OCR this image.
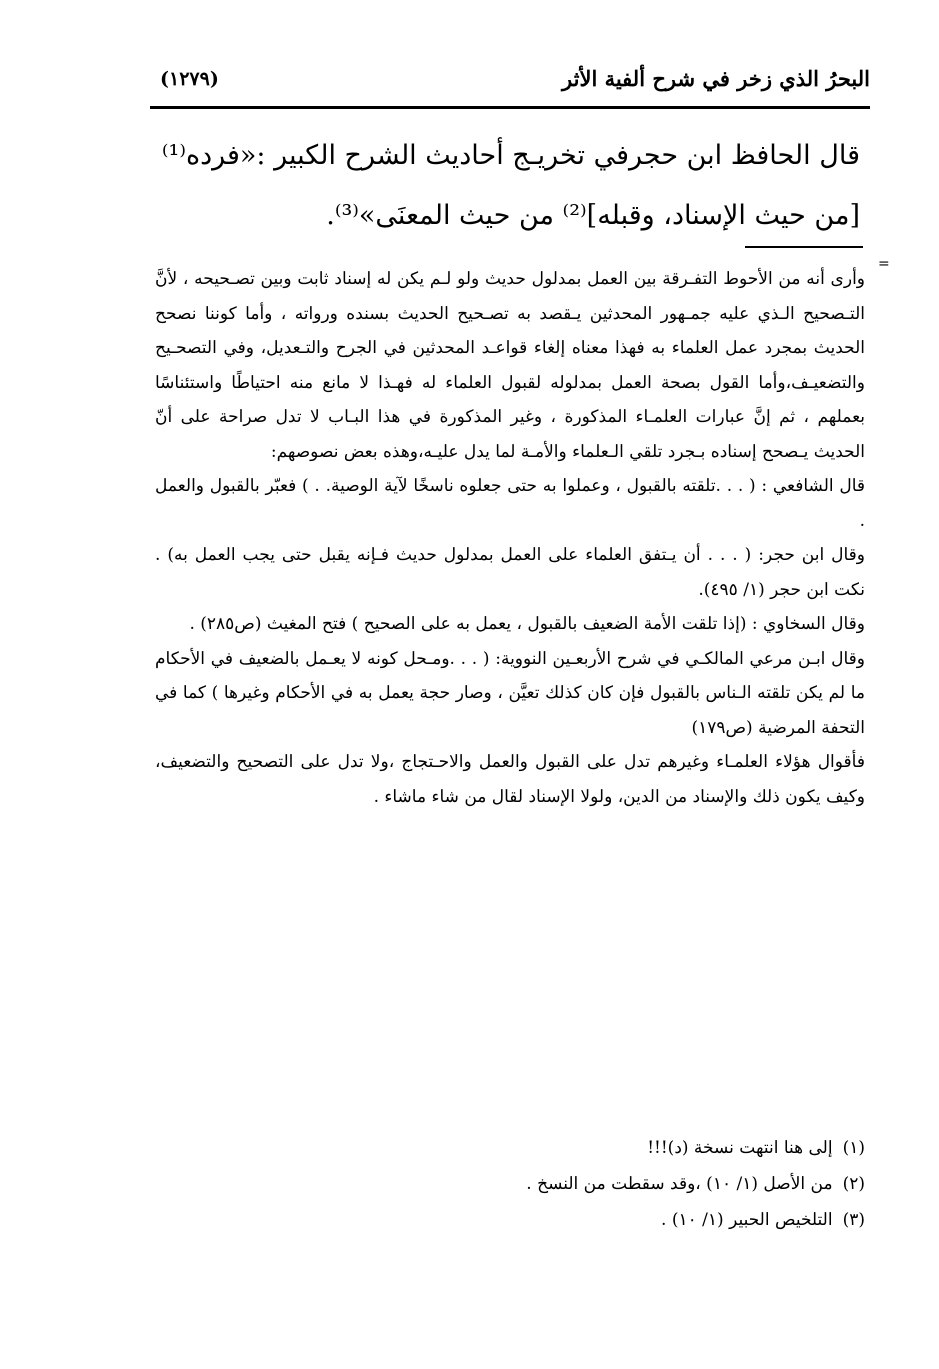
البحرُ الذي زخر في شرح ألفية الأثر
(١٢٧٩)

قال الحافظ ابن حجرفي تخريـج أحاديث الشرح الكبير :«فرده⁽¹⁾

[من حيث الإسناد، وقبله]⁽²⁾ من حيث المعنَى»⁽³⁾.

=

وأرى أنه من الأحوط التفـرقة بين العمل بمدلول حديث ولو لـم يكن له إسناد ثابت وبين تصـحيحه ، لأنَّ التـصحيح الـذي عليه جمـهور المحدثين يـقصد به تصـحيح الحديث بسنده ورواته ، وأما كوننا نصحح الحديث بمجرد عمل العلماء به فهذا معناه إلغاء قواعـد المحدثين في الجرح والتـعديل، وفي التصحـيح والتضعيـف،وأما القول بصحة العمل بمدلوله لقبول العلماء له فهـذا لا مانع منه احتياطًا واستئناسًا بعملهم ، ثم إنَّ عبارات العلمـاء المذكورة ، وغير المذكورة في هذا البـاب لا تدل صراحة على أنّ الحديث يـصحح إسناده بـجرد تلقي الـعلماء والأمـة لما يدل عليـه،وهذه بعض نصوصهم:

قال الشافعي : ( . . .تلقته بالقبول ، وعملوا به حتى جعلوه ناسخًا لآية الوصية. . ) فعبّر بالقبول والعمل .

وقال ابن حجر: ( . . . أن يـتفق العلماء على العمل بمدلول حديث فـإنه يقبل حتى يجب العمل به) . نكت ابن حجر (١/ ٤٩٥).

وقال السخاوي : (إذا تلقت الأمة الضعيف بالقبول ، يعمل به على الصحيح ) فتح المغيث (ص٢٨٥) .

وقال ابـن مرعي المالكـي في شرح الأربعـين النووية: ( . . .ومـحل كونه لا يعـمل بالضعيف في الأحكام ما لم يكن تلقته الـناس بالقبول فإن كان كذلك تعيَّن ، وصار حجة يعمل به في الأحكام وغيرها ) كما في التحفة المرضية (ص١٧٩)

فأقوال هؤلاء العلمـاء وغيرهم تدل على القبول والعمل والاحـتجاج ،ولا تدل على التصحيح والتضعيف، وكيف يكون ذلك والإسناد من الدين، ولولا الإسناد لقال من شاء ماشاء .

(١)إلى هنا انتهت نسخة (د)!!!
(٢)من الأصل (١/ ١٠) ،وقد سقطت من النسخ .
(٣)التلخيص الحبير (١/ ١٠) .
